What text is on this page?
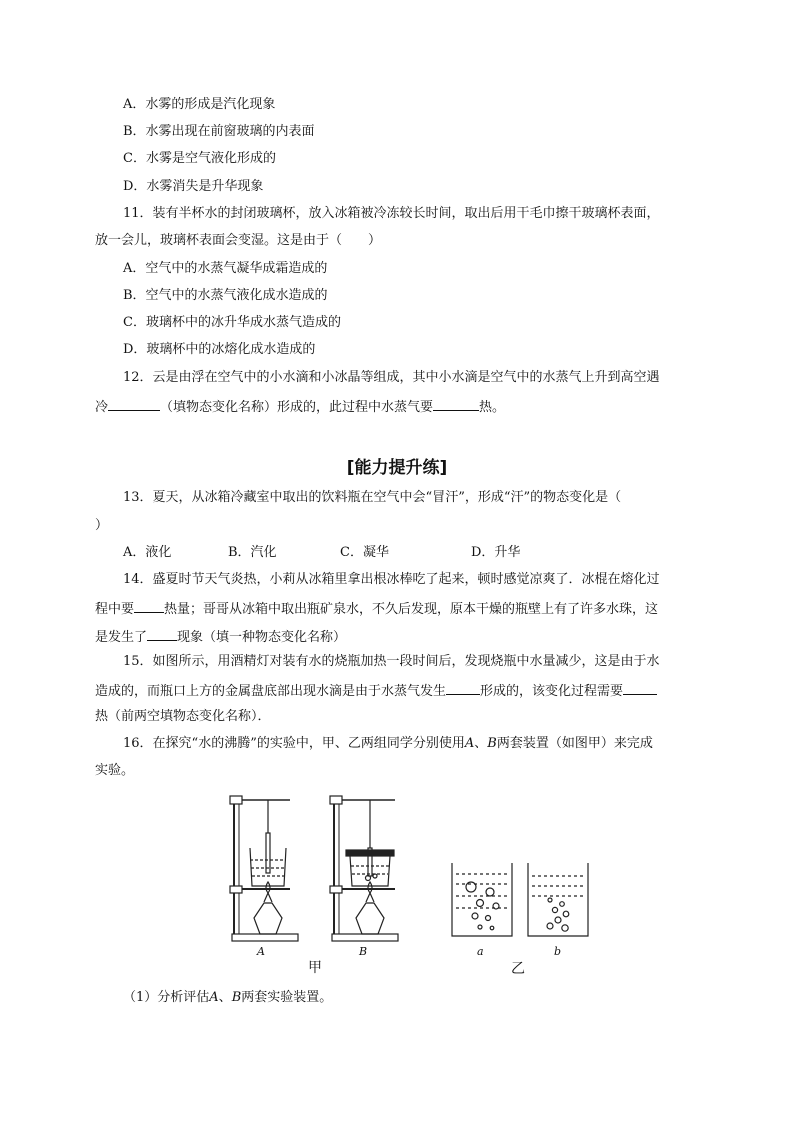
A．水雾的形成是汽化现象
B．水雾出现在前窗玻璃的内表面
C．水雾是空气液化形成的
D．水雾消失是升华现象
11．装有半杯水的封闭玻璃杯，放入冰箱被冷冻较长时间，取出后用干毛巾擦干玻璃杯表面，
放一会儿，玻璃杯表面会变湿。这是由于（　　）
A．空气中的水蒸气凝华成霜造成的
B．空气中的水蒸气液化成水造成的
C．玻璃杯中的冰升华成水蒸气造成的
D．玻璃杯中的冰熔化成水造成的
12．云是由浮在空气中的小水滴和小冰晶等组成，其中小水滴是空气中的水蒸气上升到高空遇
冷	（填物态变化名称）形成的，此过程中水蒸气要	热。
[能力提升练]
13．夏天，从冰箱冷藏室中取出的饮料瓶在空气中会“冒汗”，形成“汗”的物态变化是（
）
A．液化	B．汽化	C．凝华	D．升华
14．盛夏时节天气炎热，小莉从冰箱里拿出根冰棒吃了起来，顿时感觉凉爽了．冰棍在熔化过
程中要 热量；哥哥从冰箱中取出瓶矿泉水，不久后发现，原本干燥的瓶壁上有了许多水珠，这
是发生了 现象（填一种物态变化名称）
15．如图所示，用酒精灯对装有水的烧瓶加热一段时间后，发现烧瓶中水量减少，这是由于水
造成的，而瓶口上方的金属盘底部出现水滴是由于水蒸气发生	形成的，该变化过程需要
热（前两空填物态变化名称）．
16．在探究“水的沸腾”的实验中，甲、乙两组同学分别使用A、B两套装置（如图甲）来完成
实验。
A	B
甲
a	b
乙
（1）分析评估A、B两套实验装置。
